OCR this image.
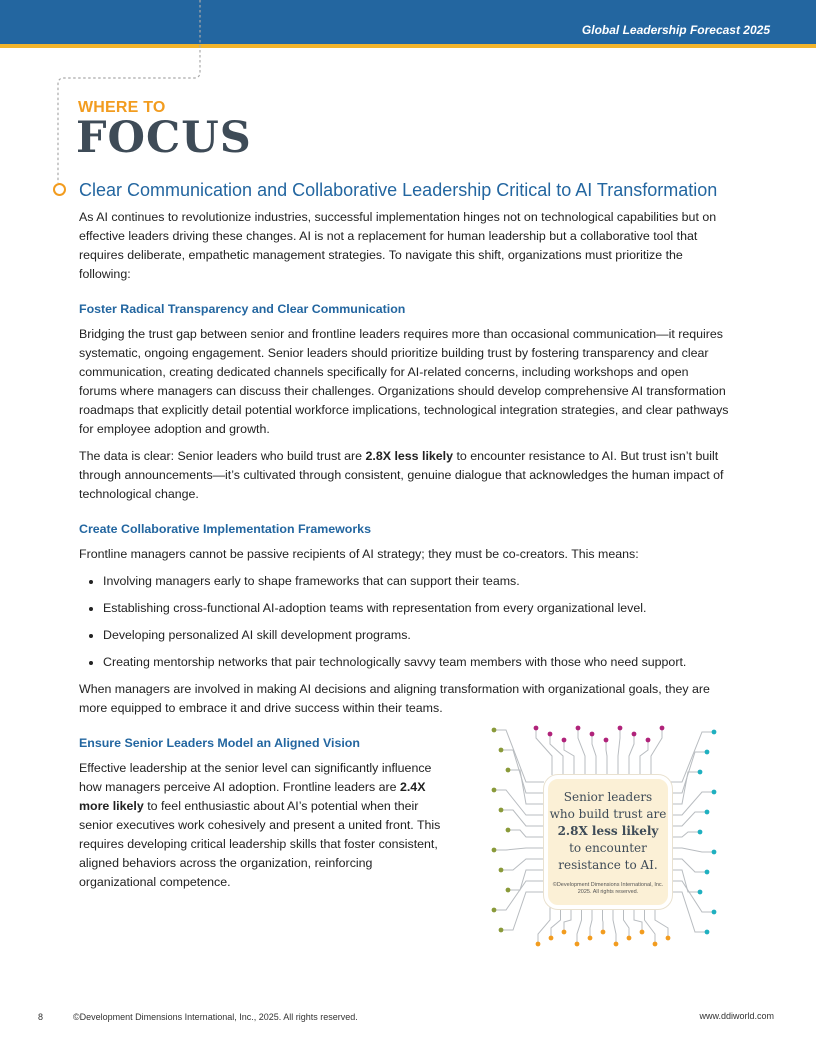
Global Leadership Forecast 2025
WHERE TO
FOCUS
Clear Communication and Collaborative Leadership Critical to AI Transformation

As AI continues to revolutionize industries, successful implementation hinges not on technological capabilities but on effective leaders driving these changes. AI is not a replacement for human leadership but a collaborative tool that requires deliberate, empathetic management strategies. To navigate this shift, organizations must prioritize the following:

Foster Radical Transparency and Clear Communication

Bridging the trust gap between senior and frontline leaders requires more than occasional communication—it requires systematic, ongoing engagement. Senior leaders should prioritize building trust by fostering transparency and clear communication, creating dedicated channels specifically for AI-related concerns, including workshops and open forums where managers can discuss their challenges. Organizations should develop comprehensive AI transformation roadmaps that explicitly detail potential workforce implications, technological integration strategies, and clear pathways for employee adoption and growth.

The data is clear: Senior leaders who build trust are 2.8X less likely to encounter resistance to AI. But trust isn’t built through announcements—it’s cultivated through consistent, genuine dialogue that acknowledges the human impact of technological change.

Create Collaborative Implementation Frameworks

Frontline managers cannot be passive recipients of AI strategy; they must be co-creators. This means:

• Involving managers early to shape frameworks that can support their teams.
• Establishing cross-functional AI-adoption teams with representation from every organizational level.
• Developing personalized AI skill development programs.
• Creating mentorship networks that pair technologically savvy team members with those who need support.

When managers are involved in making AI decisions and aligning transformation with organizational goals, they are more equipped to embrace it and drive success within their teams.

Ensure Senior Leaders Model an Aligned Vision

Effective leadership at the senior level can significantly influence how managers perceive AI adoption. Frontline leaders are 2.4X more likely to feel enthusiastic about AI’s potential when their senior executives work cohesively and present a united front. This requires developing critical leadership skills that foster consistent, aligned behaviors across the organization, reinforcing organizational competence.

Senior leaders
who build trust are
2.8X less likely
to encounter
resistance to AI.
©Development Dimensions International, Inc. 2025. All rights reserved.
8	©Development Dimensions International, Inc., 2025. All rights reserved.	www.ddiworld.com
